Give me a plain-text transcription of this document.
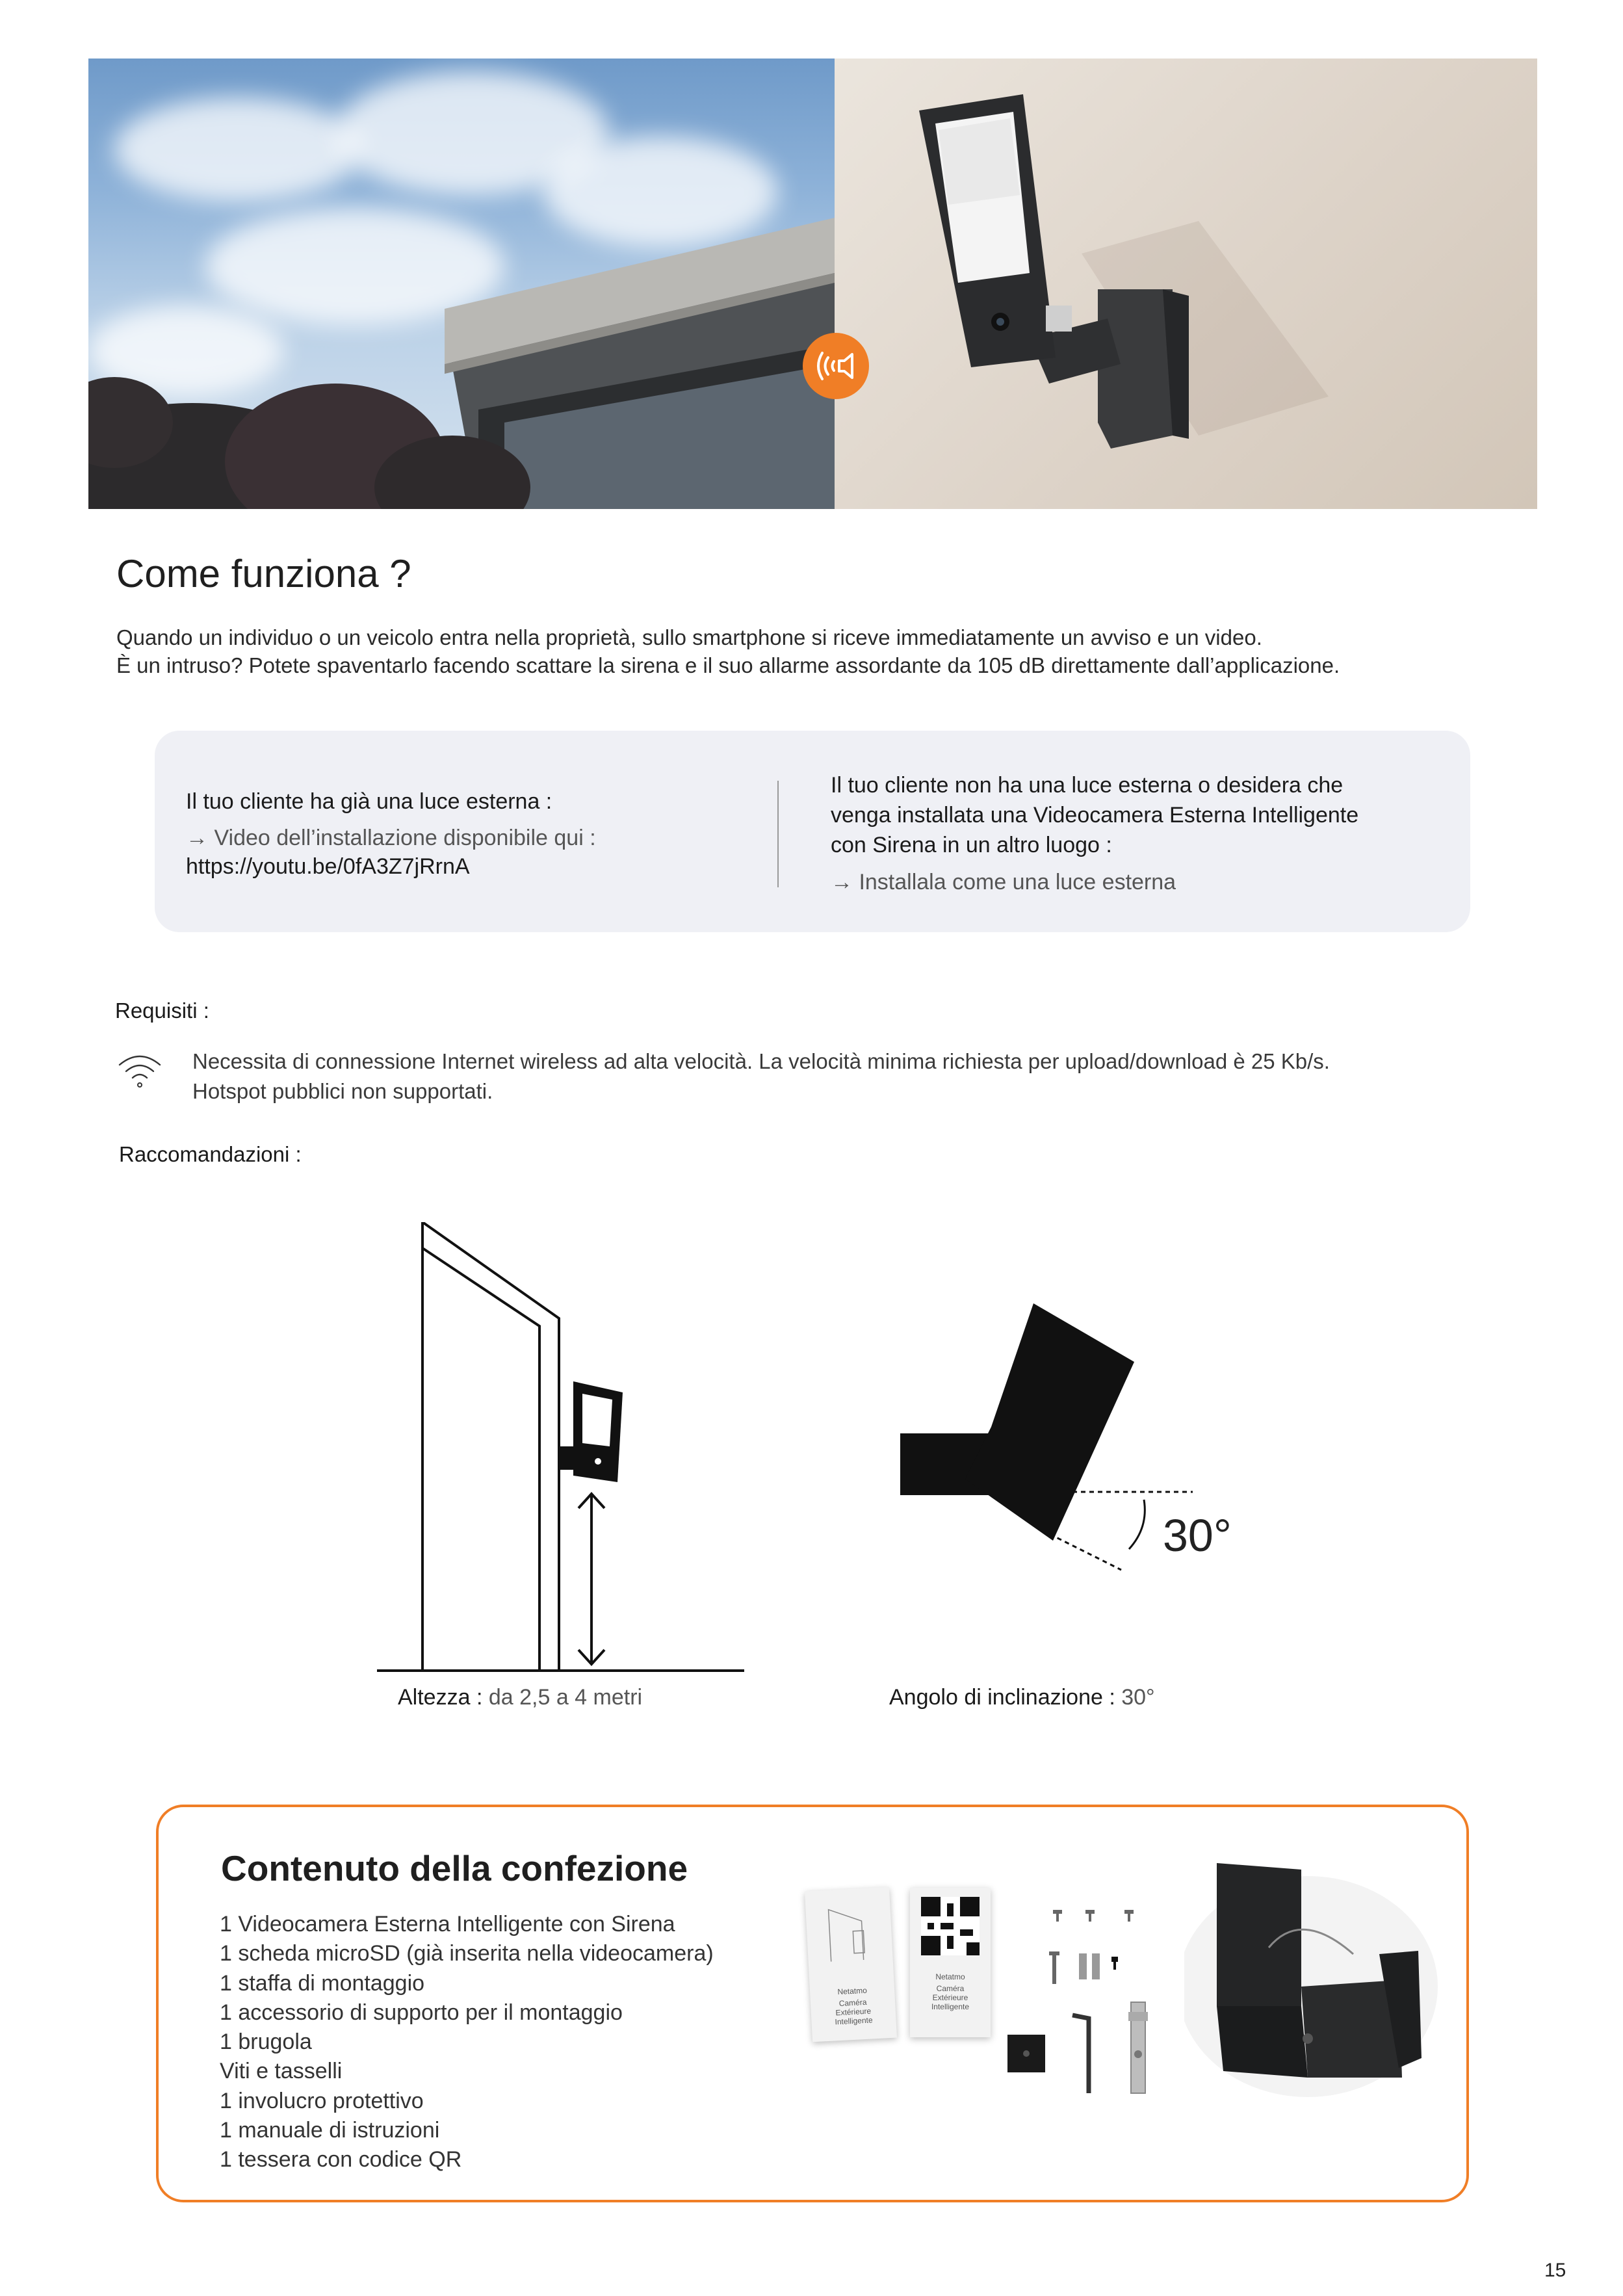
Come funziona ?
Quando un individuo o un veicolo entra nella proprietà, sullo smartphone si riceve immediatamente un avviso e un video.
È un intruso? Potete spaventarlo facendo scattare la sirena e il suo allarme assordante da 105 dB direttamente dall’applicazione.
Il tuo cliente ha già una luce esterna :
→ Video dell’installazione disponibile qui :
https://youtu.be/0fA3Z7jRrnA
Il tuo cliente non ha una luce esterna o desidera che
venga installata una Videocamera Esterna Intelligente
con Sirena in un altro luogo :
→ Installala come una luce esterna
Requisiti :
Necessita di connessione Internet wireless ad alta velocità. La velocità minima richiesta per upload/download è 25 Kb/s.
Hotspot pubblici non supportati.
Raccomandazioni :
30°
Altezza : da 2,5 a 4 metri	Angolo di inclinazione : 30°
Contenuto della confezione
1 Videocamera Esterna Intelligente con Sirena
1 scheda microSD (già inserita nella videocamera)
1 staffa di montaggio
1 accessorio di supporto per il montaggio
1 brugola
Viti e tasselli
1 involucro protettivo
1 manuale di istruzioni
1 tessera con codice QR
Netatmo
Caméra
Extérieure
Intelligente
Netatmo
Caméra
Extérieure
Intelligente
15
